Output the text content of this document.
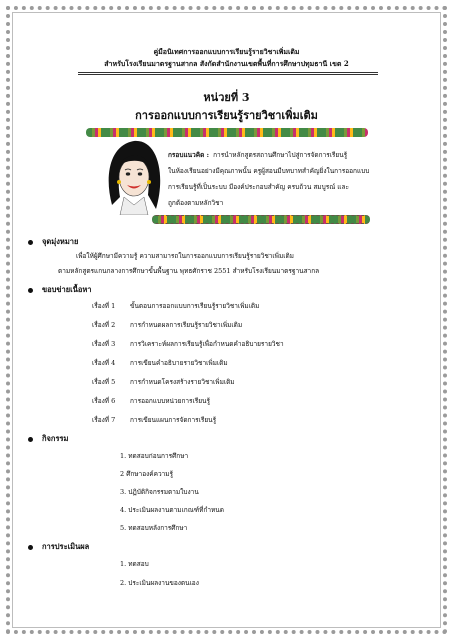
คู่มือนิเทศการออกแบบการเรียนรู้รายวิชาเพิ่มเติม
สำหรับโรงเรียนมาตรฐานสากล สังกัดสำนักงานเขตพื้นที่การศึกษาปทุมธานี เขต 2
หน่วยที่ 3
การออกแบบการเรียนรู้รายวิชาเพิ่มเติม
กรอบแนวคิด : การนำหลักสูตรสถานศึกษาไปสู่การจัดการเรียนรู้
ในห้องเรียนอย่างมีคุณภาพนั้น ครูผู้สอนมีบทบาทสำคัญยิ่งในการออกแบบ
การเรียนรู้ที่เป็นระบบ มีองค์ประกอบสำคัญ ครบถ้วน สมบูรณ์ และ
ถูกต้องตามหลักวิชา
จุดมุ่งหมาย
เพื่อให้ผู้ศึกษามีความรู้ ความสามารถในการออกแบบการเรียนรู้รายวิชาเพิ่มเติม
ตามหลักสูตรแกนกลางการศึกษาขั้นพื้นฐาน พุทธศักราช 2551 สำหรับโรงเรียนมาตรฐานสากล
ขอบข่ายเนื้อหา
เรื่องที่ 1 ขั้นตอนการออกแบบการเรียนรู้รายวิชาเพิ่มเติม
เรื่องที่ 2 การกำหนดผลการเรียนรู้รายวิชาเพิ่มเติม
เรื่องที่ 3 การวิเคราะห์ผลการเรียนรู้เพื่อกำหนดคำอธิบายรายวิชา
เรื่องที่ 4 การเขียนคำอธิบายรายวิชาเพิ่มเติม
เรื่องที่ 5 การกำหนดโครงสร้างรายวิชาเพิ่มเติม
เรื่องที่ 6 การออกแบบหน่วยการเรียนรู้
เรื่องที่ 7 การเขียนแผนการจัดการเรียนรู้
กิจกรรม
1. ทดสอบก่อนการศึกษา
2 ศึกษาองค์ความรู้
3. ปฏิบัติกิจกรรมตามใบงาน
4. ประเมินผลงานตามเกณฑ์ที่กำหนด
5. ทดสอบหลังการศึกษา
การประเมินผล
1. ทดสอบ
2. ประเมินผลงานของตนเอง
